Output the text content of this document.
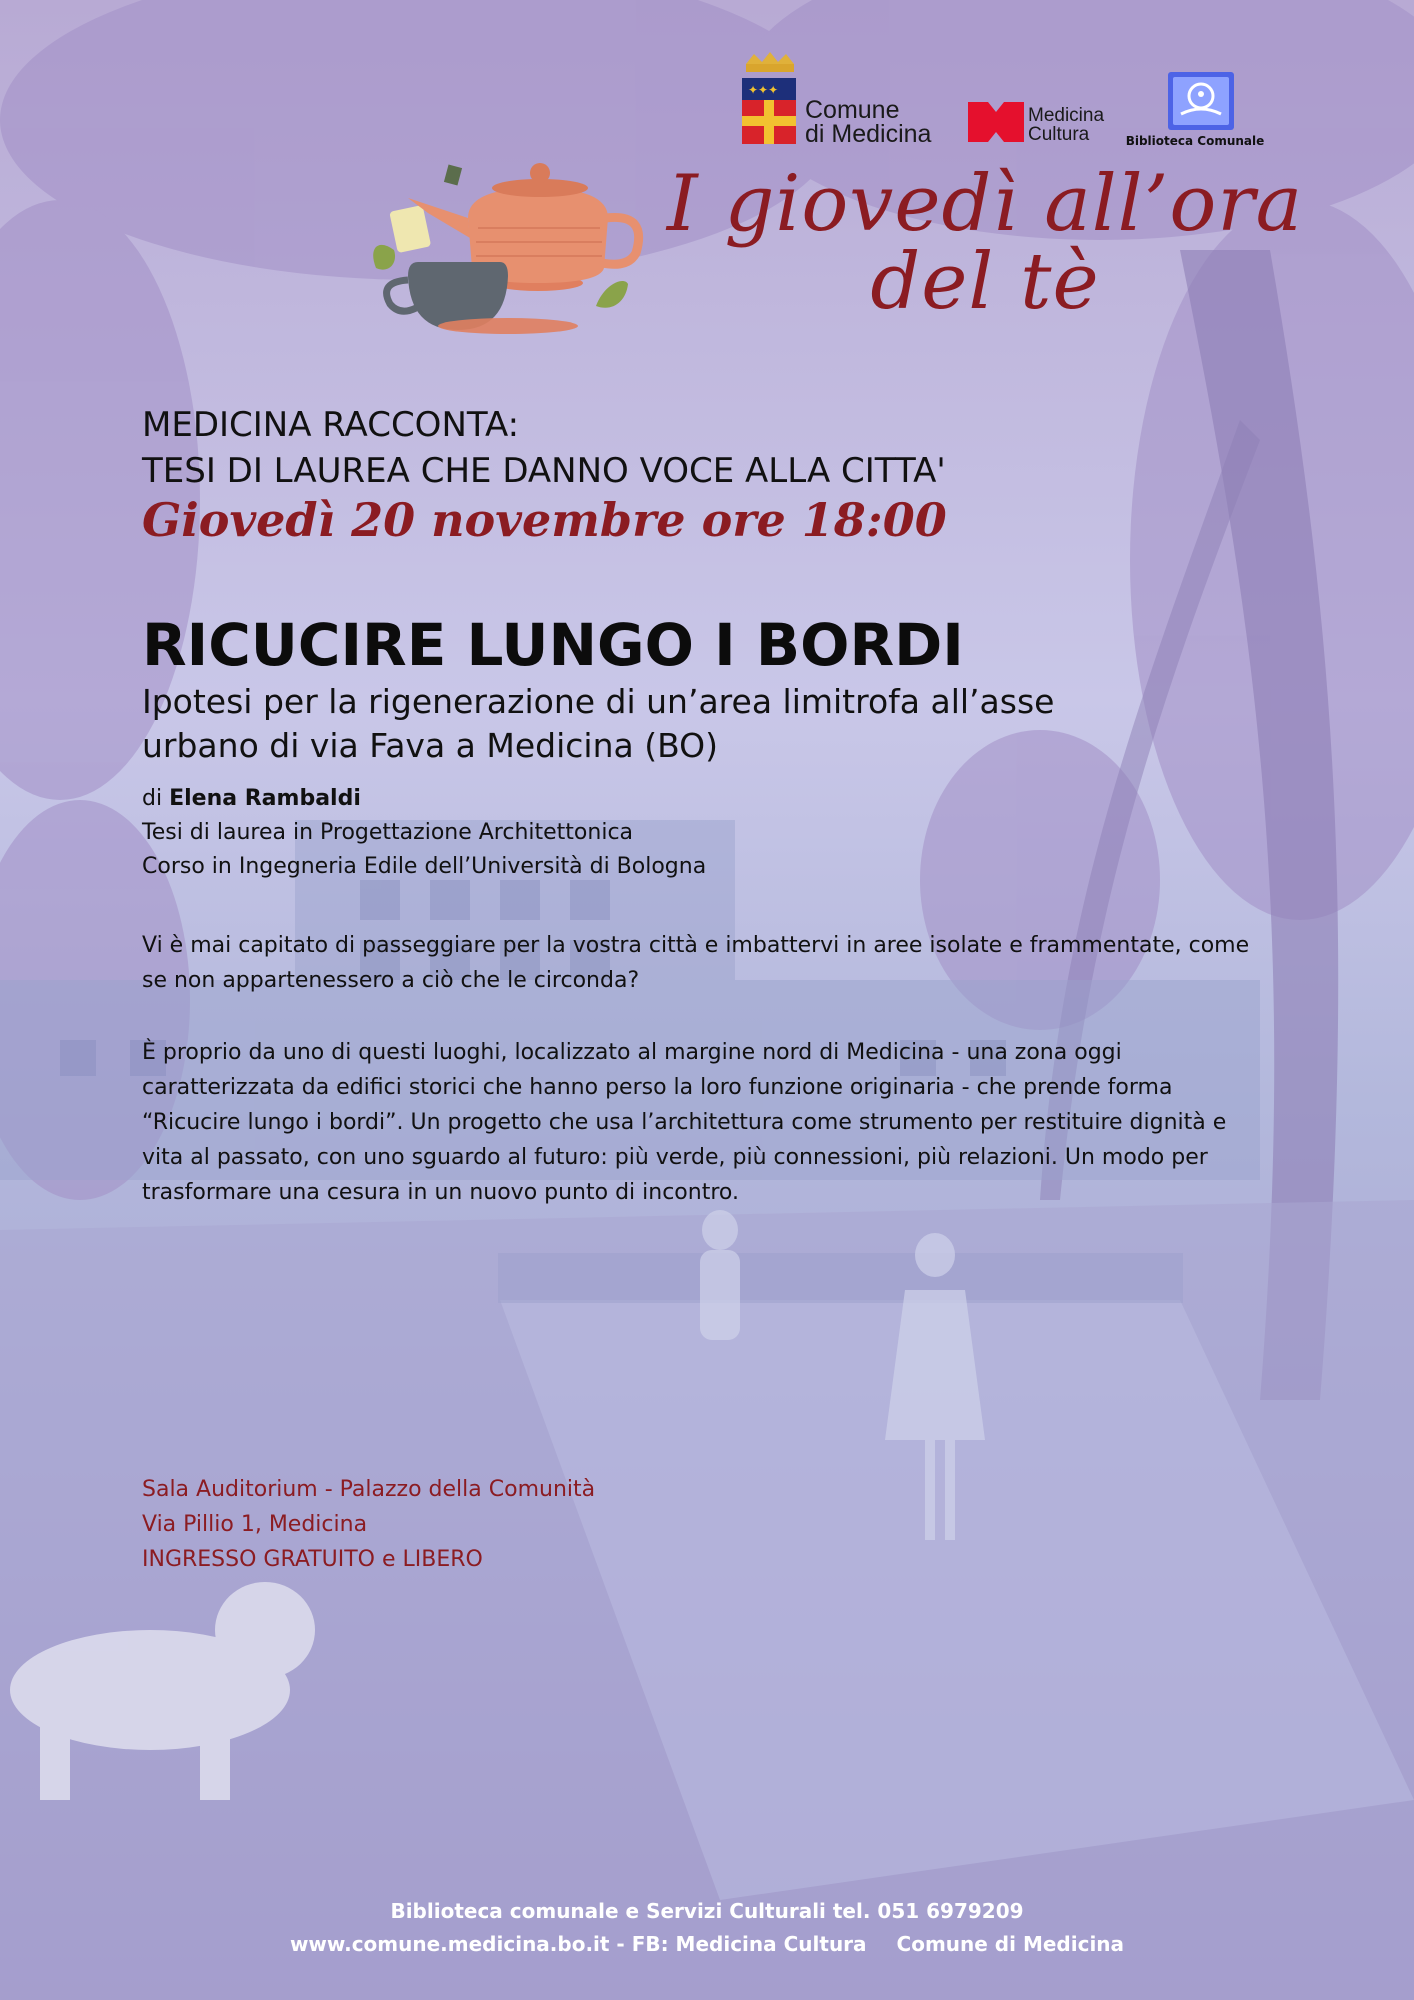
✦✦✦
Comune
di Medicina
Medicina
Cultura	Biblioteca Comunale
I giovedì all’ora
del tè
MEDICINA RACCONTA:
TESI DI LAUREA CHE DANNO VOCE ALLA CITTA'
Giovedì 20 novembre ore 18:00
RICUCIRE LUNGO I BORDI
Ipotesi per la rigenerazione di un’area limitrofa all’asse
urbano di via Fava a Medicina (BO)
di Elena Rambaldi
Tesi di laurea in Progettazione Architettonica
Corso in Ingegneria Edile dell’Università di Bologna
Vi è mai capitato di passeggiare per la vostra città e imbattervi in aree isolate e frammentate, come
se non appartenessero a ciò che le circonda?
È proprio da uno di questi luoghi, localizzato al margine nord di Medicina - una zona oggi
caratterizzata da edifici storici che hanno perso la loro funzione originaria - che prende forma
“Ricucire lungo i bordi”. Un progetto che usa l’architettura come strumento per restituire dignità e
vita al passato, con uno sguardo al futuro: più verde, più connessioni, più relazioni. Un modo per
trasformare una cesura in un nuovo punto di incontro.
Sala Auditorium - Palazzo della Comunità
Via Pillio 1, Medicina
INGRESSO GRATUITO e LIBERO
Biblioteca comunale e Servizi Culturali tel. 051 6979209
www.comune.medicina.bo.it - FB: Medicina Cultura Comune di Medicina
